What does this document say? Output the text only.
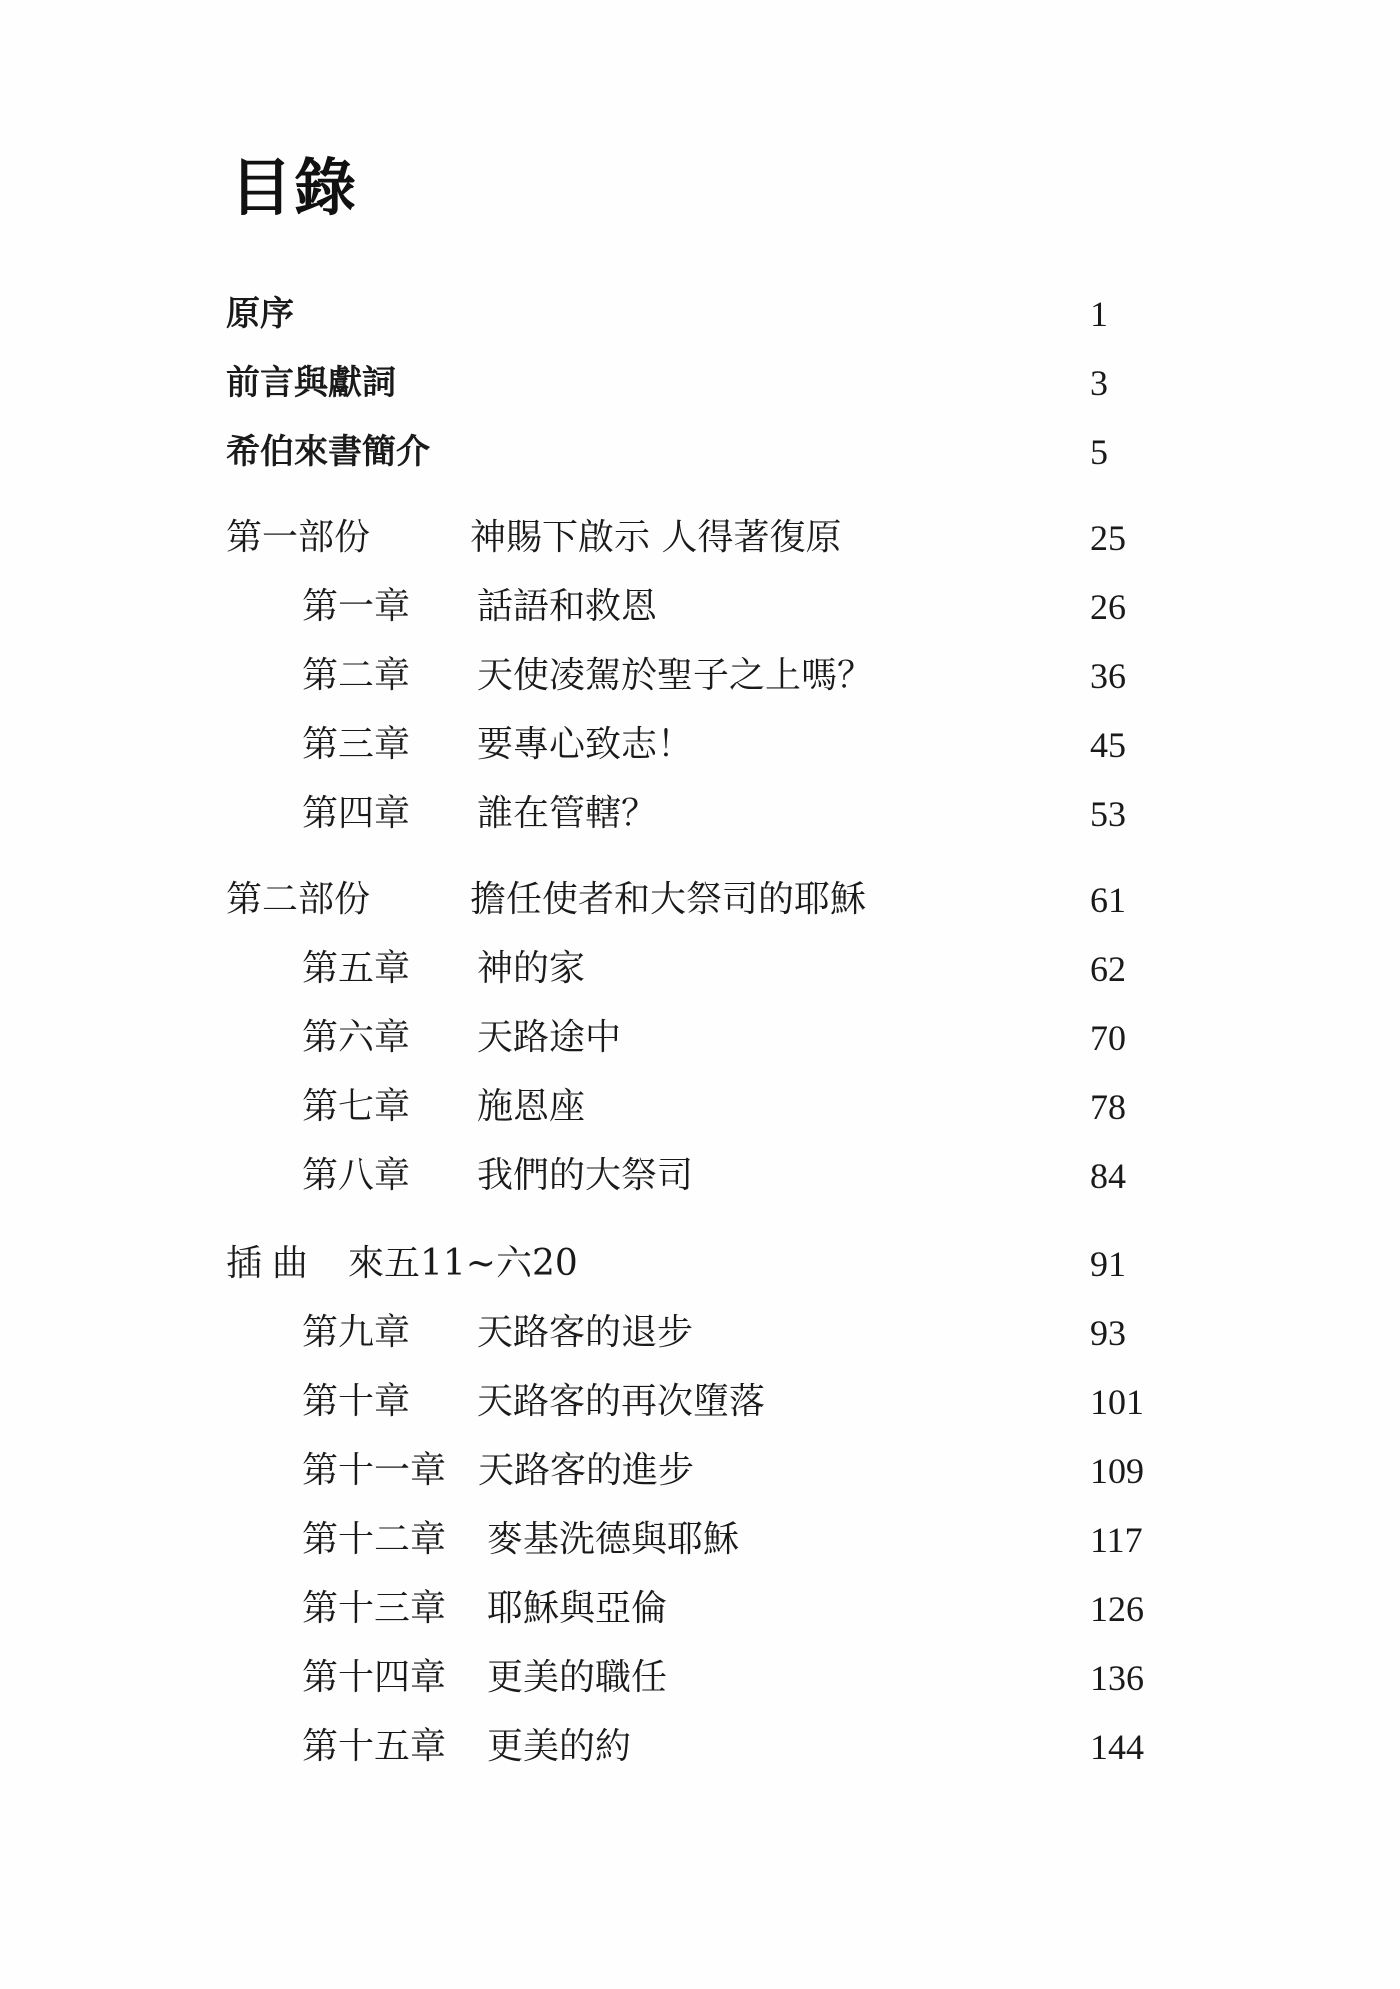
目錄
原序	1
前言與獻詞	3
希伯來書簡介	5
第一部份	神賜下啟示 人得著復原	25
第一章 話語和救恩	26
第二章 天使凌駕於聖子之上嗎？	36
第三章 要專心致志！	45
第四章 誰在管轄？	53
第二部份	擔任使者和大祭司的耶穌	61
第五章 神的家	62
第六章 天路途中	70
第七章 施恩座	78
第八章 我們的大祭司	84
插曲 來五11~六20	91
第九章 天路客的退步	93
第十章 天路客的再次墮落	101
第十一章 天路客的進步	109
第十二章 麥基洗德與耶穌	117
第十三章 耶穌與亞倫	126
第十四章 更美的職任	136
第十五章 更美的約	144
